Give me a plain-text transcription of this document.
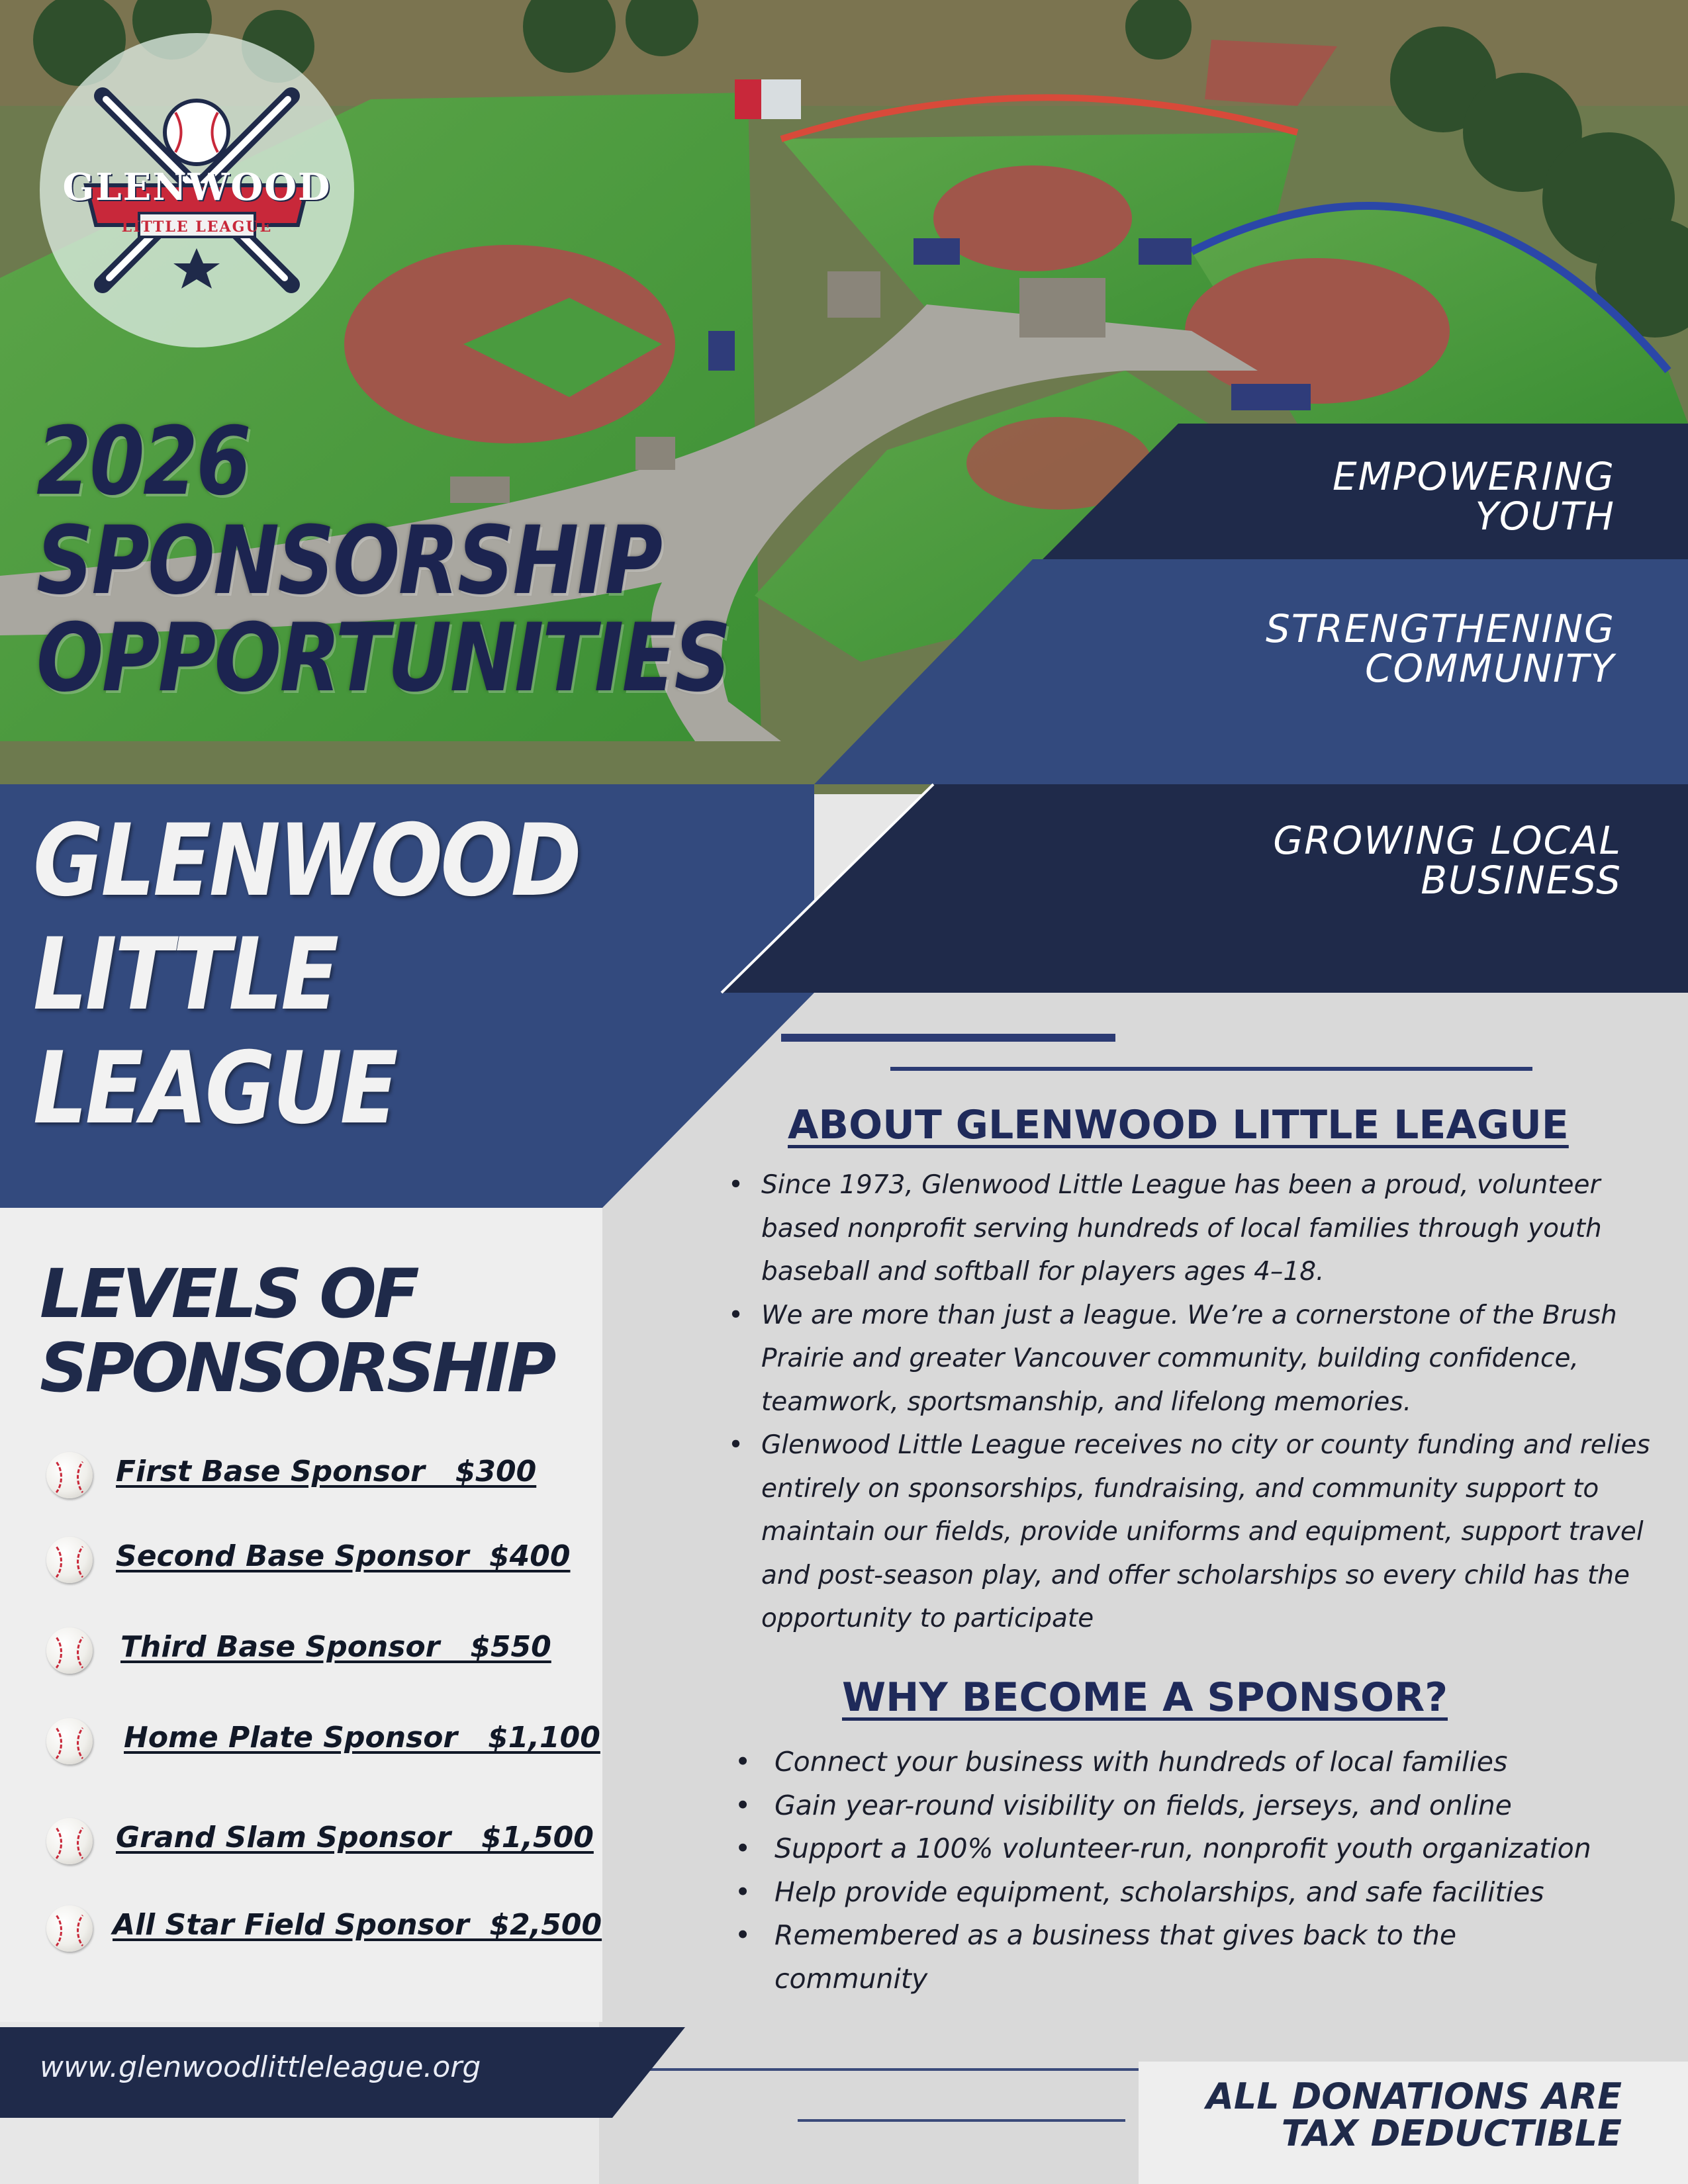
GLENWOOD
LITTLE LEAGUE
2026
SPONSORSHIP
OPPORTUNITIES
EMPOWERING
YOUTH
STRENGTHENING
COMMUNITY
GROWING LOCAL
BUSINESS
GLENWOOD LITTLE LEAGUE
LEVELS OF
SPONSORSHIP
First Base Sponsor   $300
Second Base Sponsor  $400
Third Base Sponsor   $550
Home Plate Sponsor   $1,100
Grand Slam Sponsor   $1,500
All Star Field Sponsor  $2,500
ABOUT GLENWOOD LITTLE LEAGUE
• Since 1973, Glenwood Little League has been a proud, volunteer based nonprofit serving hundreds of local families through youth baseball and softball for players ages 4–18.
• We are more than just a league. We’re a cornerstone of the Brush Prairie and greater Vancouver community, building confidence, teamwork, sportsmanship, and lifelong memories.
• Glenwood Little League receives no city or county funding and relies entirely on sponsorships, fundraising, and community support to maintain our fields, provide uniforms and equipment, support travel and post-season play, and offer scholarships so every child has the opportunity to participate
WHY BECOME A SPONSOR?
• Connect your business with hundreds of local families
• Gain year-round visibility on fields, jerseys, and online
• Support a 100% volunteer-run, nonprofit youth organization
• Help provide equipment, scholarships, and safe facilities
• Remembered as a business that gives back to the community
www.glenwoodlittleleague.org
ALL DONATIONS ARE
TAX DEDUCTIBLE
